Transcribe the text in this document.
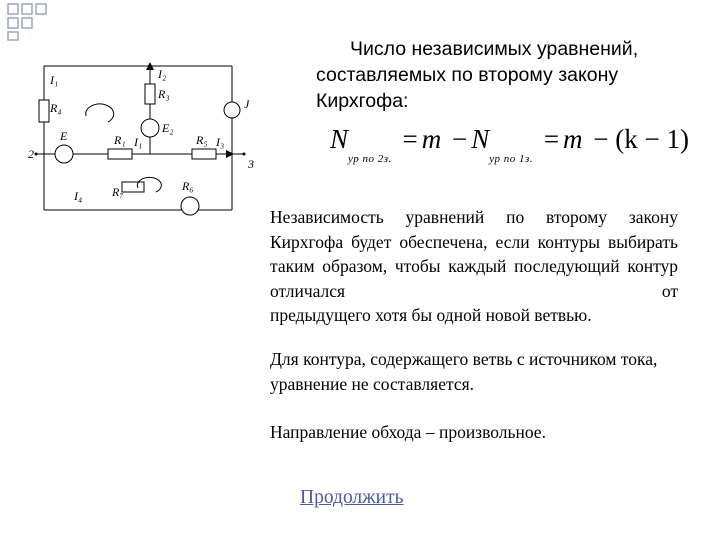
I₁
R₄
I₂
R₃
E	R₁ I₁
E₂
R₅ I₃
J
I₄ R₇	R₆
2
3
Число независимых уравнений, составляемых по второму закону Кирхгофа:
$N_{ур по 2з.} = m - N_{ур по 1з.} = m - (k - 1)$
Независимость уравнений по второму закону Кирхгофа будет обеспечена, если контуры выбирать таким образом, чтобы каждый последующий контур отличался от
предыдущего хотя бы одной новой ветвью.
Для контура, содержащего ветвь с источником тока, уравнение не составляется.
Направление обхода – произвольное.
Продолжить
